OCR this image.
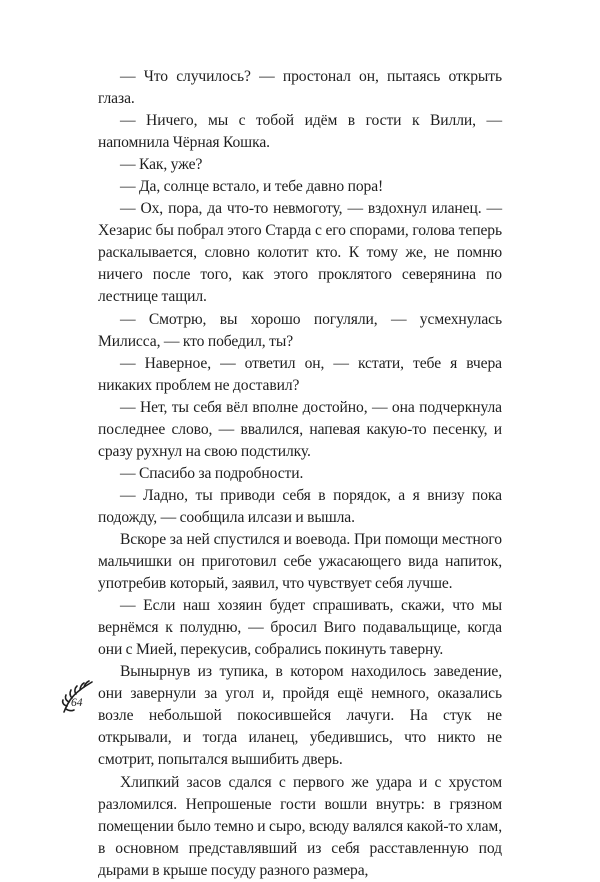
— Что случилось? — простонал он, пытаясь открыть глаза.

— Ничего, мы с тобой идём в гости к Вилли, — напомнила Чёрная Кошка.

— Как, уже?

— Да, солнце встало, и тебе давно пора!

— Ох, пора, да что-то невмоготу, — вздохнул иланец. — Хезарис бы побрал этого Старда с его спорами, голова теперь раскалывается, словно колотит кто. К тому же, не помню ничего после того, как этого проклятого северянина по лестнице тащил.

— Смотрю, вы хорошо погуляли, — усмехнулась Милисса, — кто победил, ты?

— Наверное, — ответил он, — кстати, тебе я вчера никаких проблем не доставил?

— Нет, ты себя вёл вполне достойно, — она подчеркнула последнее слово, — ввалился, напевая какую-то песенку, и сразу рухнул на свою подстилку.

— Спасибо за подробности.

— Ладно, ты приводи себя в порядок, а я внизу пока подожду, — сообщила илсази и вышла.

Вскоре за ней спустился и воевода. При помощи местного мальчишки он приготовил себе ужасающего вида напиток, употребив который, заявил, что чувствует себя лучше.

— Если наш хозяин будет спрашивать, скажи, что мы вернёмся к полудню, — бросил Виго подавальщице, когда они с Мией, перекусив, собрались покинуть таверну.

Вынырнув из тупика, в котором находилось заведение, они завернули за угол и, пройдя ещё немного, оказались возле небольшой покосившейся лачуги. На стук не открывали, и тогда иланец, убедившись, что никто не смотрит, попытался вышибить дверь.

Хлипкий засов сдался с первого же удара и с хрустом разломился. Непрошеные гости вошли внутрь: в грязном помещении было темно и сыро, всюду валялся какой-то хлам, в основном представлявший из себя расставленную под дырами в крыше посуду разного размера,

64
